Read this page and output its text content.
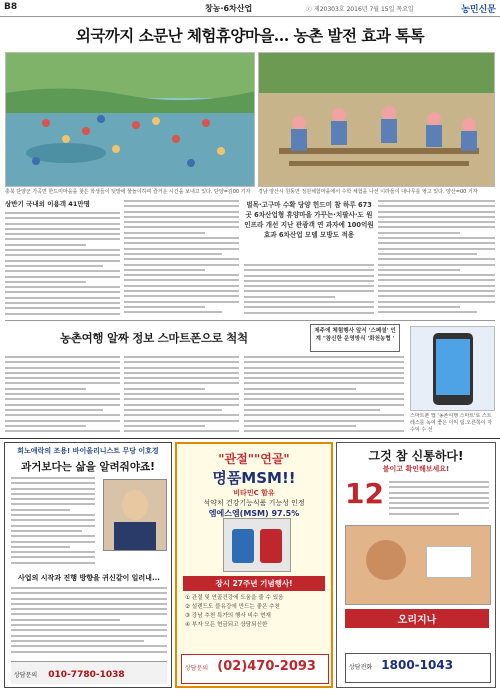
B8	창농·6차산업	ⓒ 제20303호 2016년 7월 15일 목요일	농민신문
외국까지 소문난 체험휴양마을… 농촌 발전 효과 톡톡
충북 단양군 가곡면 한드미마을을 찾은 학생들이 텃밭에 물놀이하며 즐거운 시간을 보내고 있다. 단양=김00 기자	경남 양산시 원동면 정원체험마을에서 수학 체험을 나선 이라들이 대나무를 엮고 있다. 양산=00 기자
상반기 국내외 이용객 41만명	벌목·고구마 수확 당양 헌드미 참 하루 673곳 6차산업형 휴양마을 가꾸는·치팔사·도 원 인프라 개선 지난 관광객 연 과자에 100억원 효과 6차산업 모델 모방도 적용
농촌여행 알짜 정보 스마트폰으로 척척	제주에 체험행사 앞서 '스페셜' 인계 "참신한 운영방식 '화천농협 '
스마트폰 앱 '농촌여행 스마트'로 스트레스를 녹여 좋은 이익 팀.오른쪽이 자 수익 수 선
희노애락의 조용! 바이올리니스트 무당 이호경
과거보다는 삶을 알려줘야죠!
사업의 시작과 진행 방향을 귀신같이 일러내...
상담문의 010-7780-1038
"관절""연골"
명품MSM!!
비타민C 함유
석약처 건강기능식품 기능성 인정
엠에스엠(MSM) 97.5%
장시 27주년 기념행사!
① 관절 및 연골건강에 도움을 줄 수 있음
② 설렌드도 블유강에 만드는 좋은 추천
③ 강남 추천 특가의 행사 비수 현재
④ 부자 모든 현금되고 상담되신한
상담문의 (02)470-2093
그것 참 신통하다!
붙이고 확인해보세요!
12
오리지나
상담전화 1800-1043
